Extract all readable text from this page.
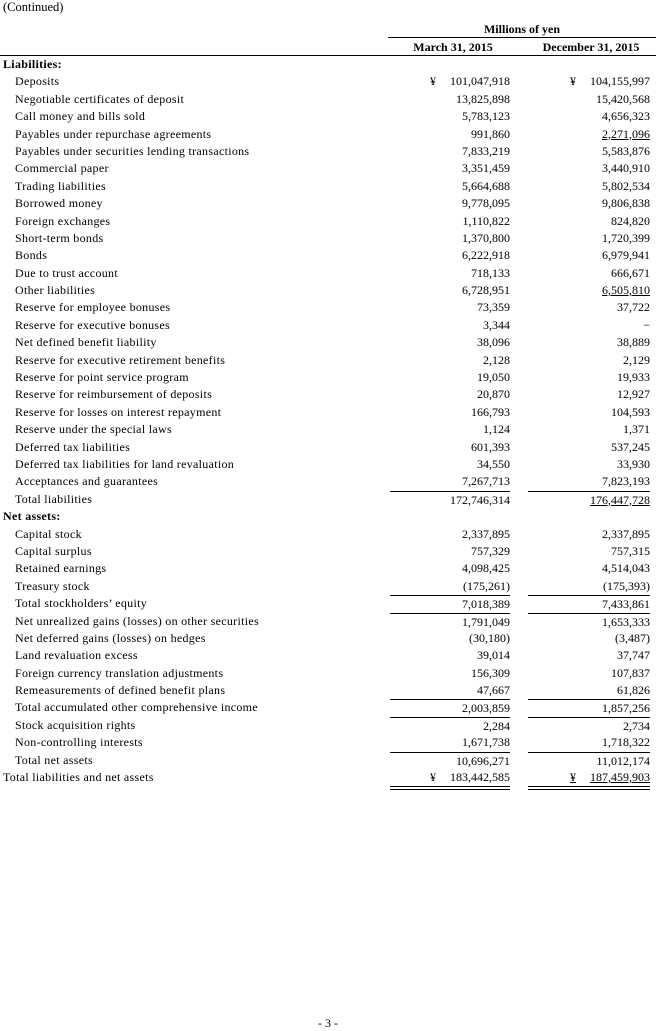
(Continued)
Millions of yen
March 31, 2015	December 31, 2015
Liabilities:
Deposits	¥ 101,047,918	¥ 104,155,997
Negotiable certificates of deposit	13,825,898	15,420,568
Call money and bills sold	5,783,123	4,656,323
Payables under repurchase agreements	991,860	2,271,096
Payables under securities lending transactions	7,833,219	5,583,876
Commercial paper	3,351,459	3,440,910
Trading liabilities	5,664,688	5,802,534
Borrowed money	9,778,095	9,806,838
Foreign exchanges	1,110,822	824,820
Short-term bonds	1,370,800	1,720,399
Bonds	6,222,918	6,979,941
Due to trust account	718,133	666,671
Other liabilities	6,728,951	6,505,810
Reserve for employee bonuses	73,359	37,722
Reserve for executive bonuses	3,344	−
Net defined benefit liability	38,096	38,889
Reserve for executive retirement benefits	2,128	2,129
Reserve for point service program	19,050	19,933
Reserve for reimbursement of deposits	20,870	12,927
Reserve for losses on interest repayment	166,793	104,593
Reserve under the special laws	1,124	1,371
Deferred tax liabilities	601,393	537,245
Deferred tax liabilities for land revaluation	34,550	33,930
Acceptances and guarantees	7,267,713	7,823,193
Total liabilities	172,746,314	176,447,728
Net assets:
Capital stock	2,337,895	2,337,895
Capital surplus	757,329	757,315
Retained earnings	4,098,425	4,514,043
Treasury stock	(175,261)	(175,393)
Total stockholders’ equity	7,018,389	7,433,861
Net unrealized gains (losses) on other securities	1,791,049	1,653,333
Net deferred gains (losses) on hedges	(30,180)	(3,487)
Land revaluation excess	39,014	37,747
Foreign currency translation adjustments	156,309	107,837
Remeasurements of defined benefit plans	47,667	61,826
Total accumulated other comprehensive income	2,003,859	1,857,256
Stock acquisition rights	2,284	2,734
Non-controlling interests	1,671,738	1,718,322
Total net assets	10,696,271	11,012,174
Total liabilities and net assets	¥ 183,442,585	¥ 187,459,903
- 3 -
